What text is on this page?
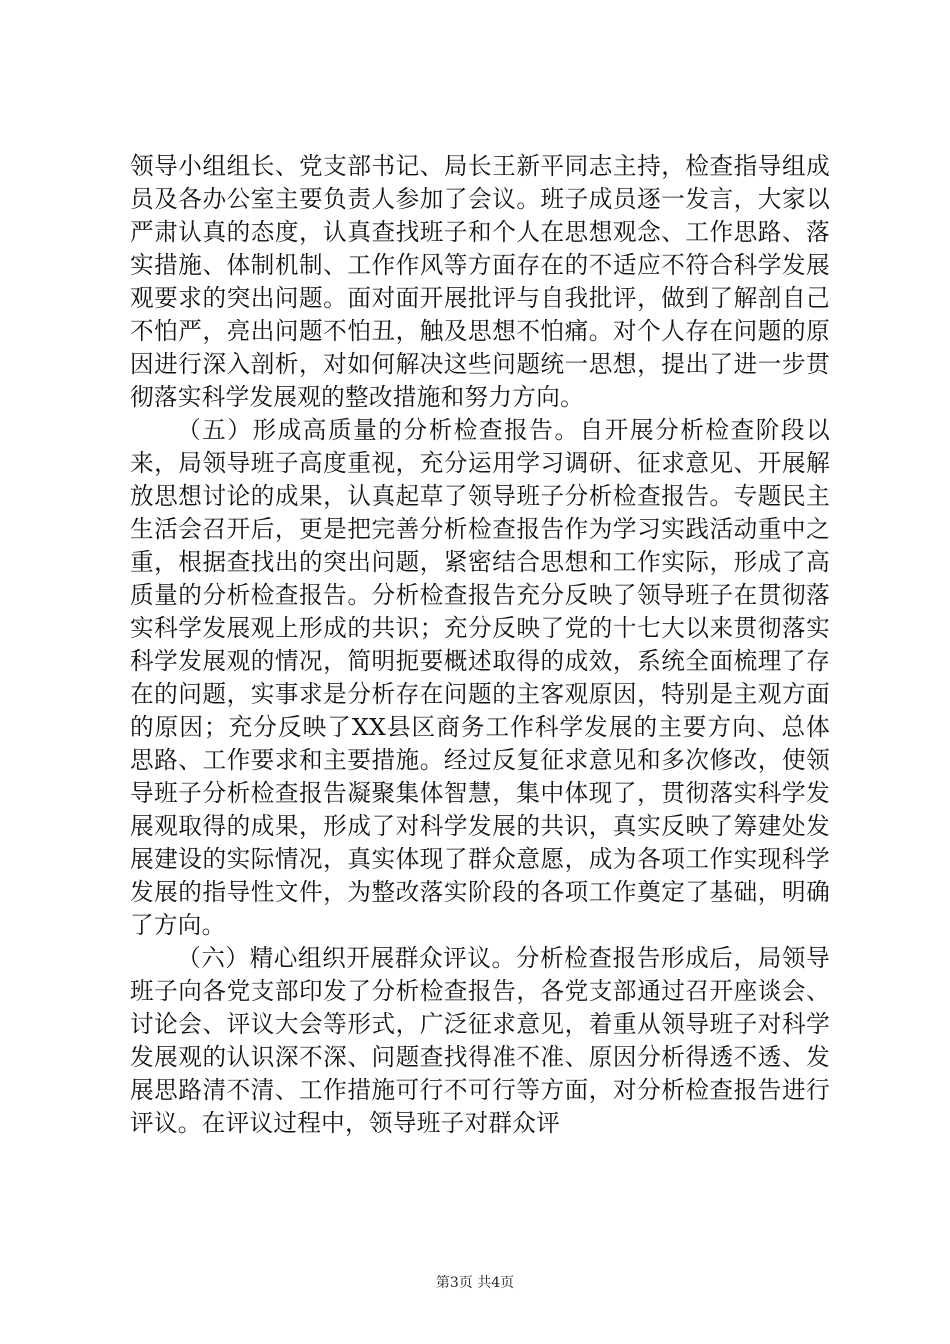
领导小组组长、党支部书记、局长王新平同志主持，检查指导组成员及各办公室主要负责人参加了会议。班子成员逐一发言，大家以严肃认真的态度，认真查找班子和个人在思想观念、工作思路、落实措施、体制机制、工作作风等方面存在的不适应不符合科学发展观要求的突出问题。面对面开展批评与自我批评，做到了解剖自己不怕严，亮出问题不怕丑，触及思想不怕痛。对个人存在问题的原因进行深入剖析，对如何解决这些问题统一思想，提出了进一步贯彻落实科学发展观的整改措施和努力方向。

（五）形成高质量的分析检查报告。自开展分析检查阶段以来，局领导班子高度重视，充分运用学习调研、征求意见、开展解放思想讨论的成果，认真起草了领导班子分析检查报告。专题民主生活会召开后，更是把完善分析检查报告作为学习实践活动重中之重，根据查找出的突出问题，紧密结合思想和工作实际，形成了高质量的分析检查报告。分析检查报告充分反映了领导班子在贯彻落实科学发展观上形成的共识；充分反映了党的十七大以来贯彻落实科学发展观的情况，简明扼要概述取得的成效，系统全面梳理了存在的问题，实事求是分析存在问题的主客观原因，特别是主观方面的原因；充分反映了XX县区商务工作科学发展的主要方向、总体思路、工作要求和主要措施。经过反复征求意见和多次修改，使领导班子分析检查报告凝聚集体智慧，集中体现了，贯彻落实科学发展观取得的成果，形成了对科学发展的共识，真实反映了筹建处发展建设的实际情况，真实体现了群众意愿，成为各项工作实现科学发展的指导性文件，为整改落实阶段的各项工作奠定了基础，明确了方向。

（六）精心组织开展群众评议。分析检查报告形成后，局领导班子向各党支部印发了分析检查报告，各党支部通过召开座谈会、讨论会、评议大会等形式，广泛征求意见，着重从领导班子对科学发展观的认识深不深、问题查找得准不准、原因分析得透不透、发展思路清不清、工作措施可行不可行等方面，对分析检查报告进行评议。在评议过程中，领导班子对群众评

第3页 共4页
